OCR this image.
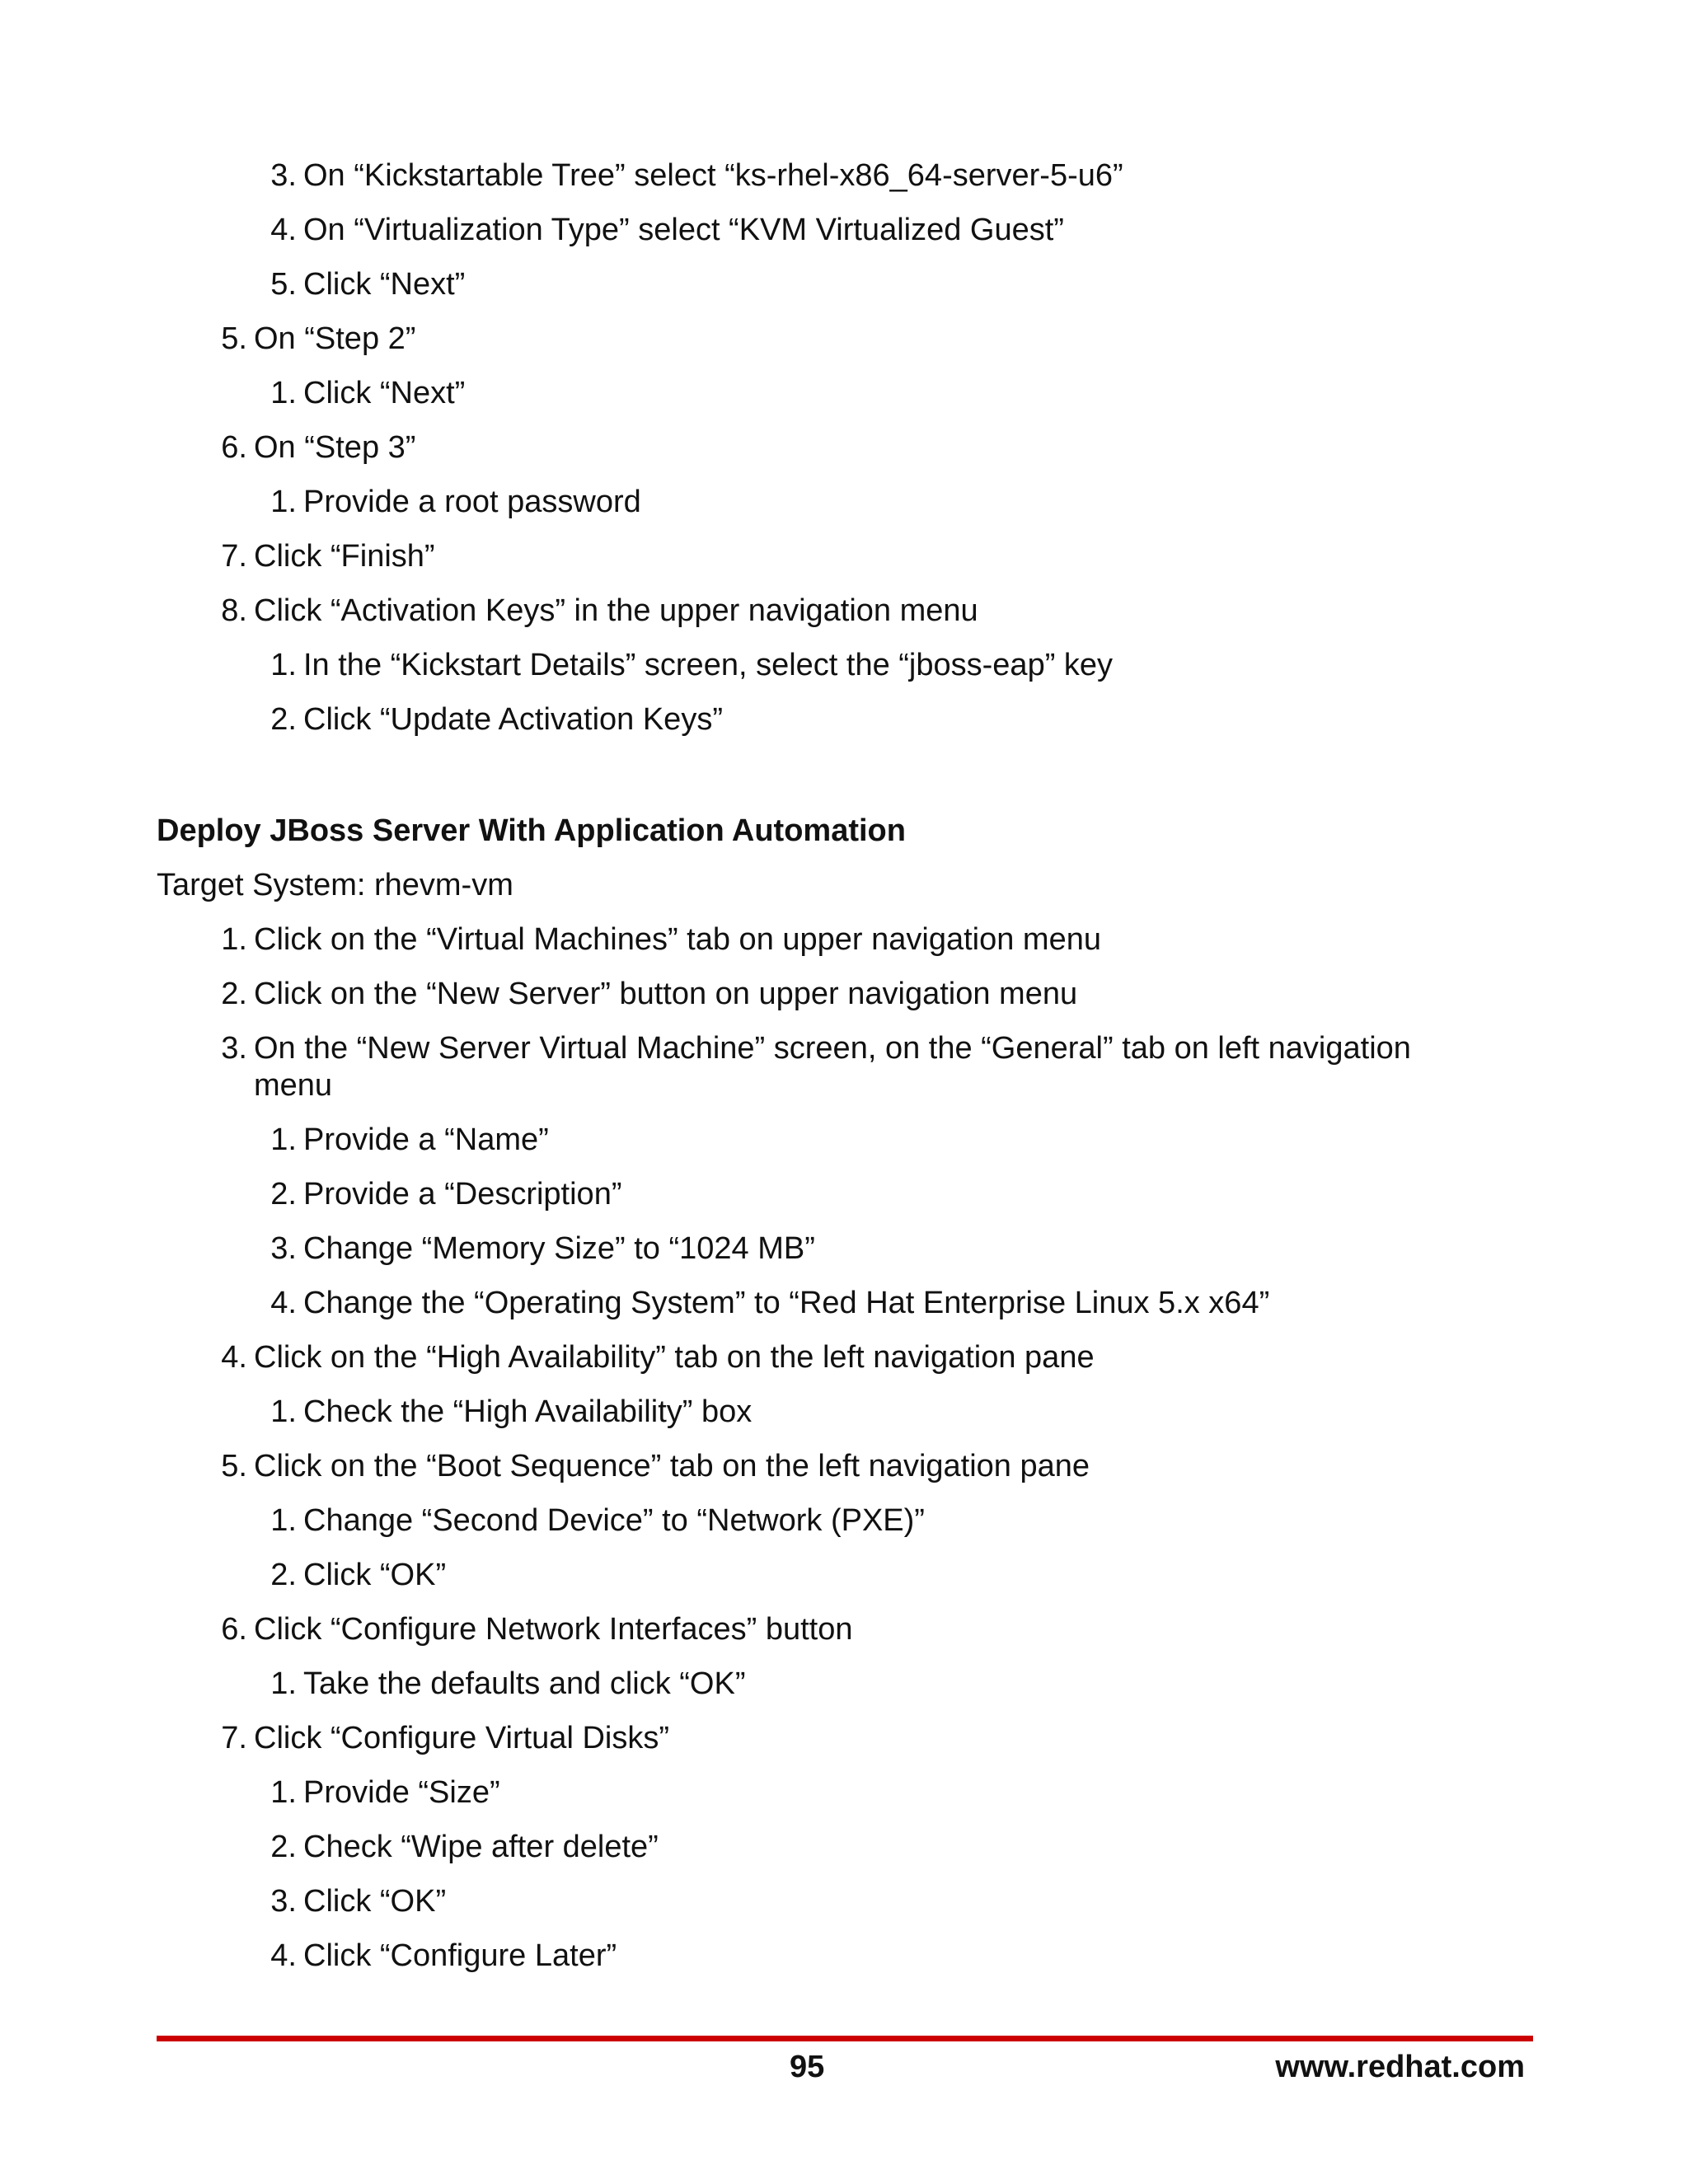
3. On “Kickstartable Tree” select “ks-rhel-x86_64-server-5-u6”
4. On “Virtualization Type” select “KVM Virtualized Guest”
5. Click “Next”
5. On “Step 2”
1. Click “Next”
6. On “Step 3”
1. Provide a root password
7. Click “Finish”
8. Click “Activation Keys” in the upper navigation menu
1. In the “Kickstart Details” screen, select the “jboss-eap” key
2. Click “Update Activation Keys”
Deploy JBoss Server With Application Automation
Target System: rhevm-vm
1. Click on the “Virtual Machines” tab on upper navigation menu
2. Click on the “New Server” button on upper navigation menu
3. On the “New Server Virtual Machine” screen, on the “General” tab on left navigation
menu
1. Provide a “Name”
2. Provide a “Description”
3. Change “Memory Size” to “1024 MB”
4. Change the “Operating System” to “Red Hat Enterprise Linux 5.x x64”
4. Click on the “High Availability” tab on the left navigation pane
1. Check the “High Availability” box
5. Click on the “Boot Sequence” tab on the left navigation pane
1. Change “Second Device” to “Network (PXE)”
2. Click “OK”
6. Click “Configure Network Interfaces” button
1. Take the defaults and click “OK”
7. Click “Configure Virtual Disks”
1. Provide “Size”
2. Check “Wipe after delete”
3. Click “OK”
4. Click “Configure Later”
95	www.redhat.com
